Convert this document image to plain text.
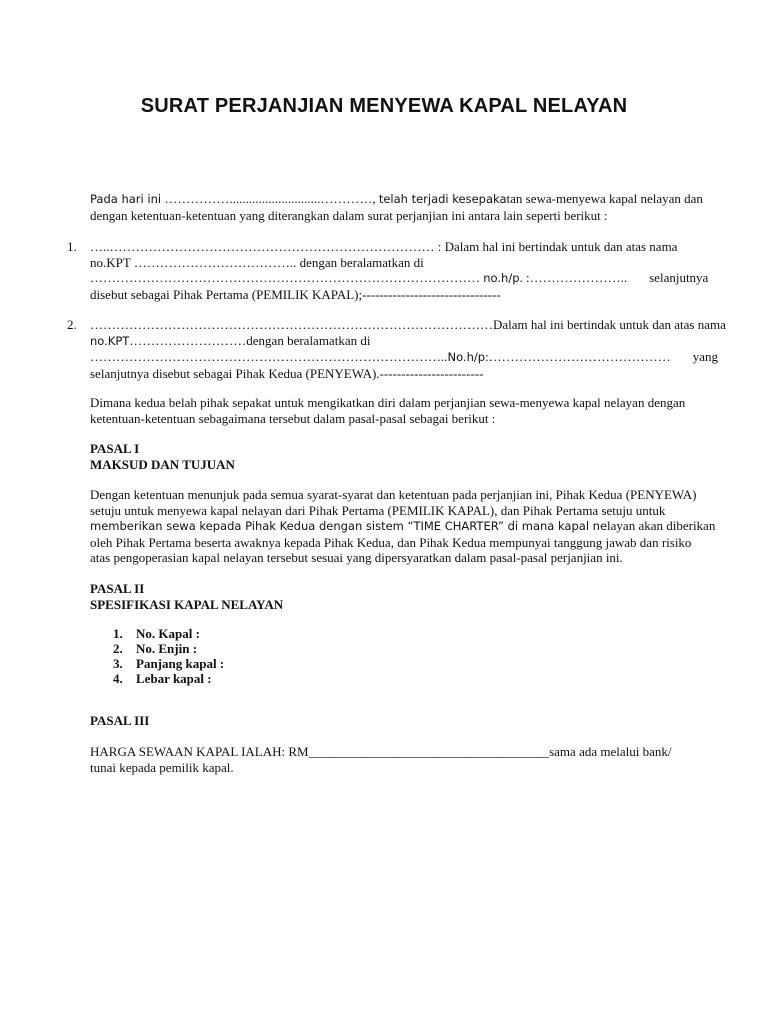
SURAT PERJANJIAN MENYEWA KAPAL NELAYAN
Pada hari ini ……………............................…………, telah terjadi kesepakatan sewa-menyewa kapal nelayan dan
dengan ketentuan-ketentuan yang diterangkan dalam surat perjanjian ini antara lain seperti berikut :
1. …..………………………………………………………………… : Dalam hal ini bertindak untuk dan atas nama
no.KPT ……………………………….. dengan beralamatkan di
……………………………………………………………………………… no.h/p. :………………….. selanjutnya
disebut sebagai Pihak Pertama (PEMILIK KAPAL);--------------------------------
2. …………………………………………………………………………………Dalam hal ini bertindak untuk dan atas nama
no.KPT………………………dengan beralamatkan di
………………………………………………………………………..No.h/p:…………………………………… yang
selanjutnya disebut sebagai Pihak Kedua (PENYEWA).------------------------
Dimana kedua belah pihak sepakat untuk mengikatkan diri dalam perjanjian sewa-menyewa kapal nelayan dengan
ketentuan-ketentuan sebagaimana tersebut dalam pasal-pasal sebagai berikut :
PASAL I
MAKSUD DAN TUJUAN
Dengan ketentuan menunjuk pada semua syarat-syarat dan ketentuan pada perjanjian ini, Pihak Kedua (PENYEWA)
setuju untuk menyewa kapal nelayan dari Pihak Pertama (PEMILIK KAPAL), dan Pihak Pertama setuju untuk
memberikan sewa kepada Pihak Kedua dengan sistem “TIME CHARTER” di mana kapal nelayan akan diberikan
oleh Pihak Pertama beserta awaknya kepada Pihak Kedua, dan Pihak Kedua mempunyai tanggung jawab dan risiko
atas pengoperasian kapal nelayan tersebut sesuai yang dipersyaratkan dalam pasal-pasal perjanjian ini.
PASAL II
SPESIFIKASI KAPAL NELAYAN
1.	No. Kapal :
2.	No. Enjin :
3.	Panjang kapal :
4.	Lebar kapal :
PASAL III
HARGA SEWAAN KAPAL IALAH: RM_____________________________________sama ada melalui bank/
tunai kepada pemilik kapal.
